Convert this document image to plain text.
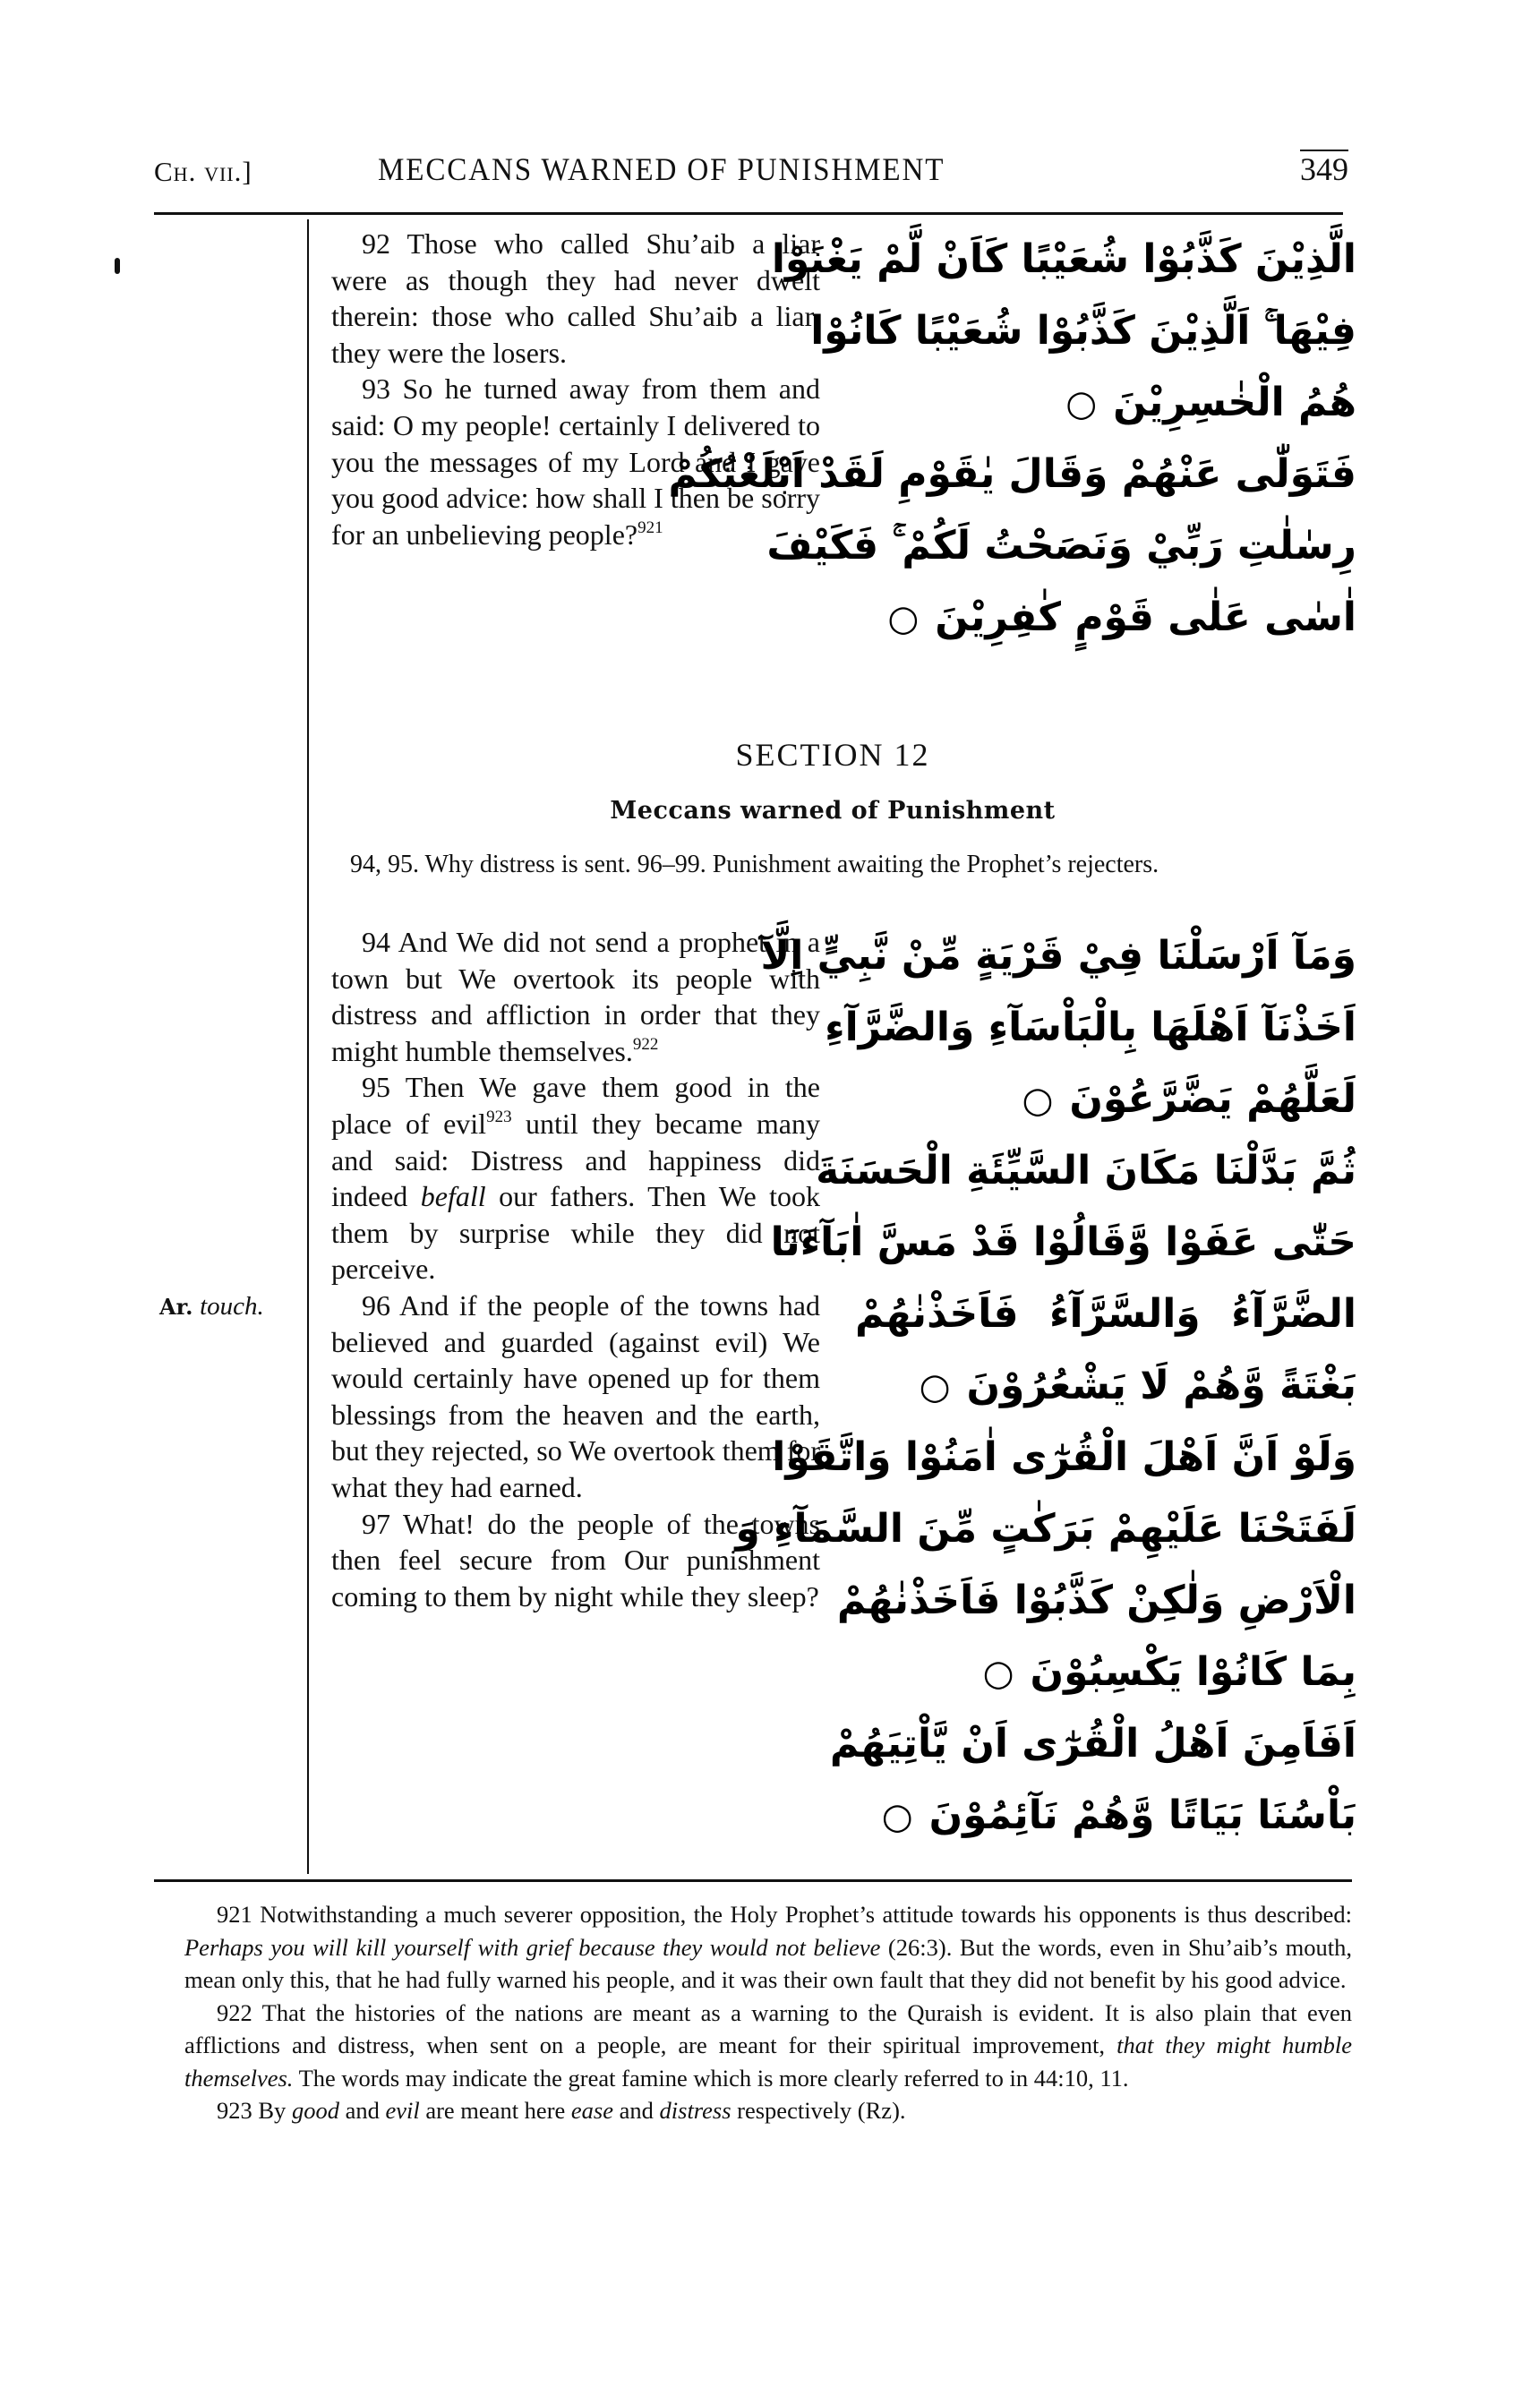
Ch. vii.]	MECCANS WARNED OF PUNISHMENT	349
Ar. touch.

92 Those who called Shu’aib a liar were as though they had never dwelt therein: those who called Shu’aib a liar, they were the losers.

93 So he turned away from them and said: O my people! certainly I delivered to you the messages of my Lord and I gave you good advice: how shall I then be sorry for an unbelieving people?$^{921}$

الَّذِيْنَ كَذَّبُوْا شُعَيْبًا كَاَنْ لَّمْ يَغْنَوْا
فِيْهَا ۚ اَلَّذِيْنَ كَذَّبُوْا شُعَيْبًا كَانُوْا
هُمُ الْخٰسِرِيْنَ○
فَتَوَلّٰى عَنْهُمْ وَقَالَ يٰقَوْمِ لَقَدْ اَبْلَغْتُكُمْ
رِسٰلٰتِ رَبِّيْ وَنَصَحْتُ لَكُمْ ۚ فَكَيْفَ
اٰسٰى عَلٰى قَوْمٍ كٰفِرِيْنَ○
SECTION 12
Meccans warned of Punishment
94, 95. Why distress is sent. 96–99. Punishment awaiting the Prophet’s rejecters.

94 And We did not send a prophet in a town but We overtook its people with distress and affliction in order that they might humble themselves.$^{922}$

95 Then We gave them good in the place of evil$^{923}$ until they became many and said: Distress and happiness did indeed befall our fathers. Then We took them by surprise while they did not perceive.

96 And if the people of the towns had believed and guarded (against evil) We would certainly have opened up for them blessings from the heaven and the earth, but they rejected, so We overtook them for what they had earned.

97 What! do the people of the towns then feel secure from Our punishment coming to them by night while they sleep?

وَمَآ اَرْسَلْنَا فِيْ قَرْيَةٍ مِّنْ نَّبِيٍّ اِلَّآ
اَخَذْنَآ اَهْلَهَا بِالْبَاْسَآءِ وَالضَّرَّآءِ
لَعَلَّهُمْ يَضَّرَّعُوْنَ○
ثُمَّ بَدَّلْنَا مَكَانَ السَّيِّئَةِ الْحَسَنَةَ
حَتّٰى عَفَوْا وَّقَالُوْا قَدْ مَسَّ اٰبَآءَنَا
الضَّرَّآءُ وَالسَّرَّآءُ فَاَخَذْنٰهُمْ
بَغْتَةً وَّهُمْ لَا يَشْعُرُوْنَ○
وَلَوْ اَنَّ اَهْلَ الْقُرٰٓى اٰمَنُوْا وَاتَّقَوْا
لَفَتَحْنَا عَلَيْهِمْ بَرَكٰتٍ مِّنَ السَّمَآءِ وَ
الْاَرْضِ وَلٰكِنْ كَذَّبُوْا فَاَخَذْنٰهُمْ
بِمَا كَانُوْا يَكْسِبُوْنَ○
اَفَاَمِنَ اَهْلُ الْقُرٰٓى اَنْ يَّاْتِيَهُمْ
بَاْسُنَا بَيَاتًا وَّهُمْ نَآئِمُوْنَ○

921 Notwithstanding a much severer opposition, the Holy Prophet’s attitude towards his opponents is thus described: Perhaps you will kill yourself with grief because they would not believe (26:3). But the words, even in Shu’aib’s mouth, mean only this, that he had fully warned his people, and it was their own fault that they did not benefit by his good advice.

922 That the histories of the nations are meant as a warning to the Quraish is evident. It is also plain that even afflictions and distress, when sent on a people, are meant for their spiritual improvement, that they might humble themselves. The words may indicate the great famine which is more clearly referred to in 44:10, 11.

923 By good and evil are meant here ease and distress respectively (Rz).
